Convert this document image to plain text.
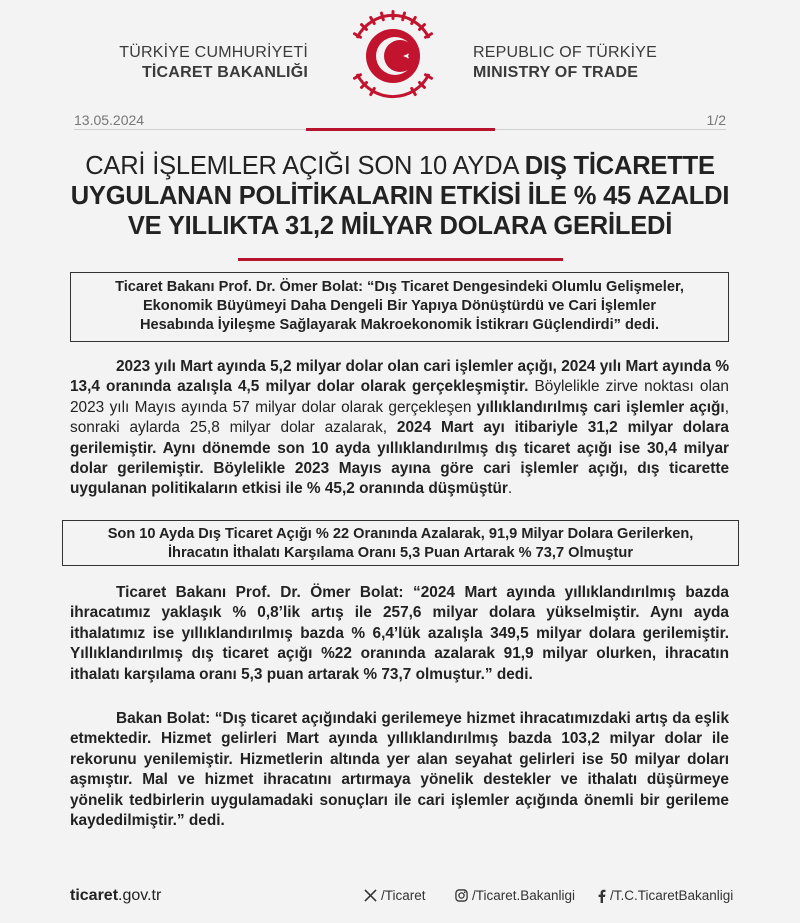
TÜRKİYE CUMHURİYETİ
TİCARET BAKANLIĞI
REPUBLIC OF TÜRKİYE
MINISTRY OF TRADE
13.05.2024	1/2
CARİ İŞLEMLER AÇIĞI SON 10 AYDA DIŞ TİCARETTE
UYGULANAN POLİTİKALARIN ETKİSİ İLE % 45 AZALDI
VE YILLIKTA 31,2 MİLYAR DOLARA GERİLEDİ
Ticaret Bakanı Prof. Dr. Ömer Bolat: “Dış Ticaret Dengesindeki Olumlu Gelişmeler,
Ekonomik Büyümeyi Daha Dengeli Bir Yapıya Dönüştürdü ve Cari İşlemler
Hesabında İyileşme Sağlayarak Makroekonomik İstikrarı Güçlendirdi” dedi.
2023 yılı Mart ayında 5,2 milyar dolar olan cari işlemler açığı, 2024 yılı Mart ayında % 13,4 oranında azalışla 4,5 milyar dolar olarak gerçekleşmiştir. Böylelikle zirve noktası olan 2023 yılı Mayıs ayında 57 milyar dolar olarak gerçekleşen yıllıklandırılmış cari işlemler açığı, sonraki aylarda 25,8 milyar dolar azalarak, 2024 Mart ayı itibariyle 31,2 milyar dolara gerilemiştir. Aynı dönemde son 10 ayda yıllıklandırılmış dış ticaret açığı ise 30,4 milyar dolar gerilemiştir. Böylelikle 2023 Mayıs ayına göre cari işlemler açığı, dış ticarette uygulanan politikaların etkisi ile % 45,2 oranında düşmüştür.
Son 10 Ayda Dış Ticaret Açığı % 22 Oranında Azalarak, 91,9 Milyar Dolara Gerilerken,
İhracatın İthalatı Karşılama Oranı 5,3 Puan Artarak % 73,7 Olmuştur
Ticaret Bakanı Prof. Dr. Ömer Bolat: “2024 Mart ayında yıllıklandırılmış bazda ihracatımız yaklaşık % 0,8’lik artış ile 257,6 milyar dolara yükselmiştir. Aynı ayda ithalatımız ise yıllıklandırılmış bazda % 6,4’lük azalışla 349,5 milyar dolara gerilemiştir. Yıllıklandırılmış dış ticaret açığı %22 oranında azalarak 91,9 milyar olurken, ihracatın ithalatı karşılama oranı 5,3 puan artarak % 73,7 olmuştur.” dedi.
Bakan Bolat: “Dış ticaret açığındaki gerilemeye hizmet ihracatımızdaki artış da eşlik etmektedir. Hizmet gelirleri Mart ayında yıllıklandırılmış bazda 103,2 milyar dolar ile rekorunu yenilemiştir. Hizmetlerin altında yer alan seyahat gelirleri ise 50 milyar doları aşmıştır. Mal ve hizmet ihracatını artırmaya yönelik destekler ve ithalatı düşürmeye yönelik tedbirlerin uygulamadaki sonuçları ile cari işlemler açığında önemli bir gerileme kaydedilmiştir.” dedi.
ticaret.gov.tr	/Ticaret	/Ticaret.Bakanligi	/T.C.TicaretBakanligi
